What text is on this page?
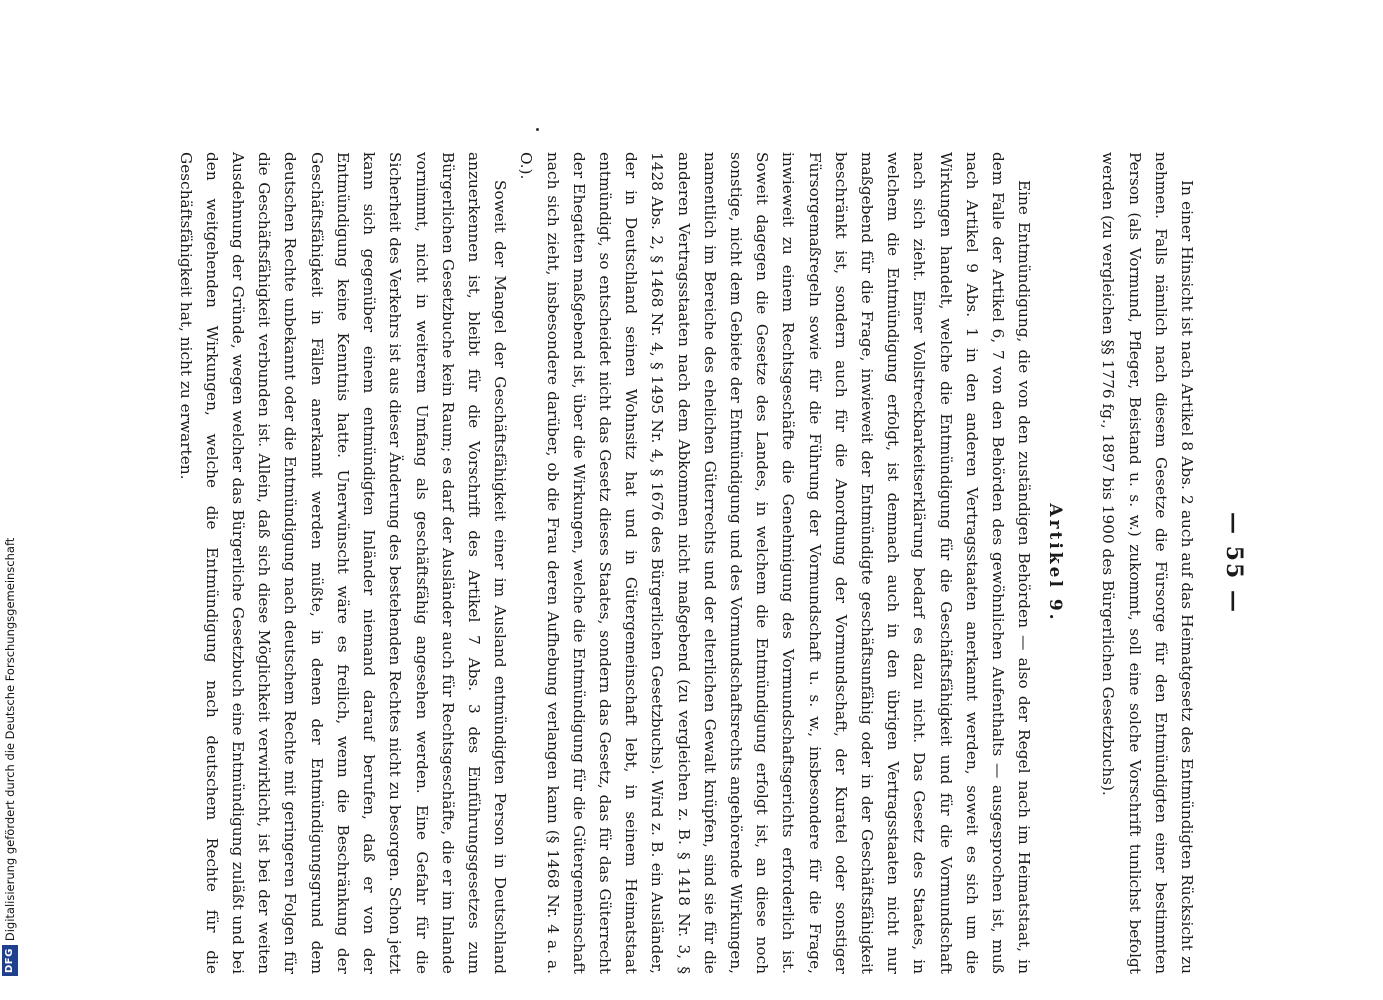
— 55 —

In einer Hinsicht ist nach Artikel 8 Abs. 2 auch auf das Heimatgesetz des Entmündigten Rücksicht zu nehmen. Falls nämlich nach diesem Gesetze die Fürsorge für den Entmündigten einer bestimmten Person (als Vormund, Pfleger, Beistand u. s. w.) zukommt, soll eine solche Vorschrift tunlichst befolgt werden (zu vergleichen §§ 1776 fg., 1897 bis 1900 des Bürgerlichen Gesetzbuchs).

Artikel 9.

Eine Entmündigung, die von den zuständigen Behörden — also der Regel nach im Heimatstaat, in dem Falle der Artikel 6, 7 von den Behörden des gewöhnlichen Aufenthalts — ausgesprochen ist, muß nach Artikel 9 Abs. 1 in den anderen Vertragsstaaten anerkannt werden, soweit es sich um die Wirkungen handelt, welche die Entmündigung für die Geschäftsfähigkeit und für die Vormundschaft nach sich zieht. Einer Vollstreckbarkeitserklärung bedarf es dazu nicht. Das Gesetz des Staates, in welchem die Entmündigung erfolgt, ist demnach auch in den übrigen Vertragsstaaten nicht nur maßgebend für die Frage, inwieweit der Entmündigte geschäftsunfähig oder in der Geschäftsfähigkeit beschränkt ist, sondern auch für die Anordnung der Vormundschaft, der Kuratel oder sonstiger Fürsorgemaßregeln sowie für die Führung der Vormundschaft u. s. w., insbesondere für die Frage, inwieweit zu einem Rechtsgeschäfte die Genehmigung des Vormundschaftsgerichts erforderlich ist. Soweit dagegen die Gesetze des Landes, in welchem die Entmündigung erfolgt ist, an diese noch sonstige, nicht dem Gebiete der Entmündigung und des Vormundschaftsrechts angehörende Wirkungen, namentlich im Bereiche des ehelichen Güterrechts und der elterlichen Gewalt knüpfen, sind sie für die anderen Vertragsstaaten nach dem Abkommen nicht maßgebend (zu vergleichen z. B. § 1418 Nr. 3, § 1428 Abs. 2, § 1468 Nr. 4, § 1495 Nr. 4, § 1676 des Bürgerlichen Gesetzbuchs). Wird z. B. ein Ausländer, der in Deutschland seinen Wohnsitz hat und in Gütergemeinschaft lebt, in seinem Heimatstaat entmündigt, so entscheidet nicht das Gesetz dieses Staates, sondern das Gesetz, das für das Güterrecht der Ehegatten maßgebend ist, über die Wirkungen, welche die Entmündigung für die Gütergemeinschaft nach sich zieht, insbesondere darüber, ob die Frau deren Aufhebung verlangen kann (§ 1468 Nr. 4 a. a. O.).

Soweit der Mangel der Geschäftsfähigkeit einer im Ausland entmündigten Person in Deutschland anzuerkennen ist, bleibt für die Vorschrift des Artikel 7 Abs. 3 des Einführungsgesetzes zum Bürgerlichen Gesetzbuche kein Raum; es darf der Ausländer auch für Rechtsgeschäfte, die er im Inlande vornimmt, nicht in weiterem Umfang als geschäftsfähig angesehen werden. Eine Gefahr für die Sicherheit des Verkehrs ist aus dieser Änderung des bestehenden Rechtes nicht zu besorgen. Schon jetzt kann sich gegenüber einem entmündigten Inländer niemand darauf berufen, daß er von der Entmündigung keine Kenntnis hatte. Unerwünscht wäre es freilich, wenn die Beschränkung der Geschäftsfähigkeit in Fällen anerkannt werden müßte, in denen der Entmündigungsgrund dem deutschen Rechte unbekannt oder die Entmündigung nach deutschem Rechte mit geringeren Folgen für die Geschäftsfähigkeit verbunden ist. Allein, daß sich diese Möglichkeit verwirklicht, ist bei der weiten Ausdehnung der Gründe, wegen welcher das Bürgerliche Gesetzbuch eine Entmündigung zuläßt und bei den weitgehenden Wirkungen, welche die Entmündigung nach deutschem Rechte für die Geschäftsfähigkeit hat, nicht zu erwarten.

DFG
Digitalisierung gefördert durch die Deutsche Forschungsgemeinschaft
